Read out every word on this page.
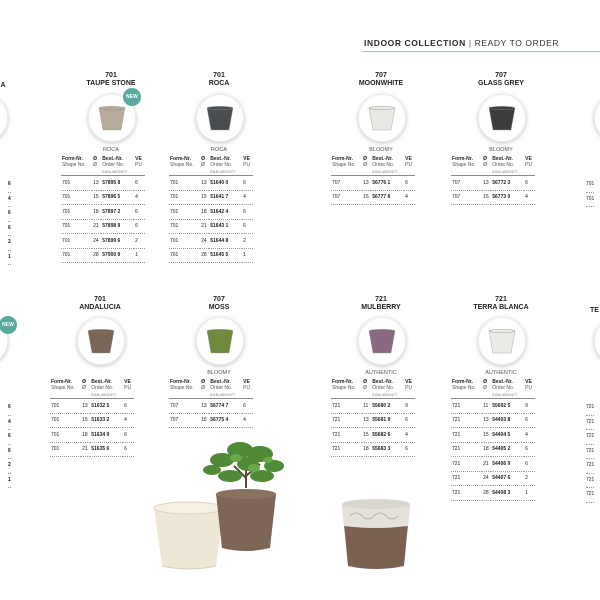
INDOOR COLLECTION | READY TO ORDER
A
6
4
6
6
2
1
NEW
6
4
6
6
2
1
TE
701
701
721
721
721
721
721
721
721
701
TAUPE STONE
NEW
ROCA
Form-Nr.
Shape No.	Ø
Ø	Best.-Nr.
Order No.	VE
PU

		EAN-4002477	
701	13	57895 8	6
701	15	57896 5	4
701	18	57897 2	6
701	21	57898 9	6
701	24	57899 6	2
701	28	57900 9	1
701
ROCA
ROCA
Form-Nr.
Shape No.	Ø
Ø	Best.-Nr.
Order No.	VE
PU

		EAN-4002477	
701	13	51640 0	6
701	15	51641 7	4
701	18	51642 4	6
701	21	51643 1	6
701	24	51644 8	2
701	28	51645 5	1
707
MOONWHITE
BLOOMY
Form-Nr.
Shape No.	Ø
Ø	Best.-Nr.
Order No.	VE
PU

		EAN-4002477	
707	13	56776 1	6
707	15	56777 8	4
707
GLASS GREY
BLOOMY
Form-Nr.
Shape No.	Ø
Ø	Best.-Nr.
Order No.	VE
PU

		EAN-4002477	
707	13	56772 3	6
707	15	56773 0	4
701
ANDALUCIA
Form-Nr.
Shape No.	Ø
Ø	Best.-Nr.
Order No.	VE
PU

		EAN-4002477	
701	13	51632 5	6
701	15	51633 2	4
701	18	51634 9	6
701	21	51635 6	6
707
MOSS
BLOOMY
Form-Nr.
Shape No.	Ø
Ø	Best.-Nr.
Order No.	VE
PU

		EAN-4002477	
707	13	56774 7	6
707	15	56775 4	4
721
MULBERRY
AUTHENTIC
Form-Nr.
Shape No.	Ø
Ø	Best.-Nr.
Order No.	VE
PU

		EAN-4002477	
721	11	55680 2	9
721	13	55681 9	6
721	15	55682 6	4
721	18	55683 3	6
721
TERRA BLANCA
AUTHENTIC
Form-Nr.
Shape No.	Ø
Ø	Best.-Nr.
Order No.	VE
PU

		EAN-4002477	
721	11	55692 5	9
721	13	54403 8	6
721	15	54404 5	4
721	18	54405 2	6
721	21	54406 9	6
721	24	54407 6	2
721	28	54408 3	1
